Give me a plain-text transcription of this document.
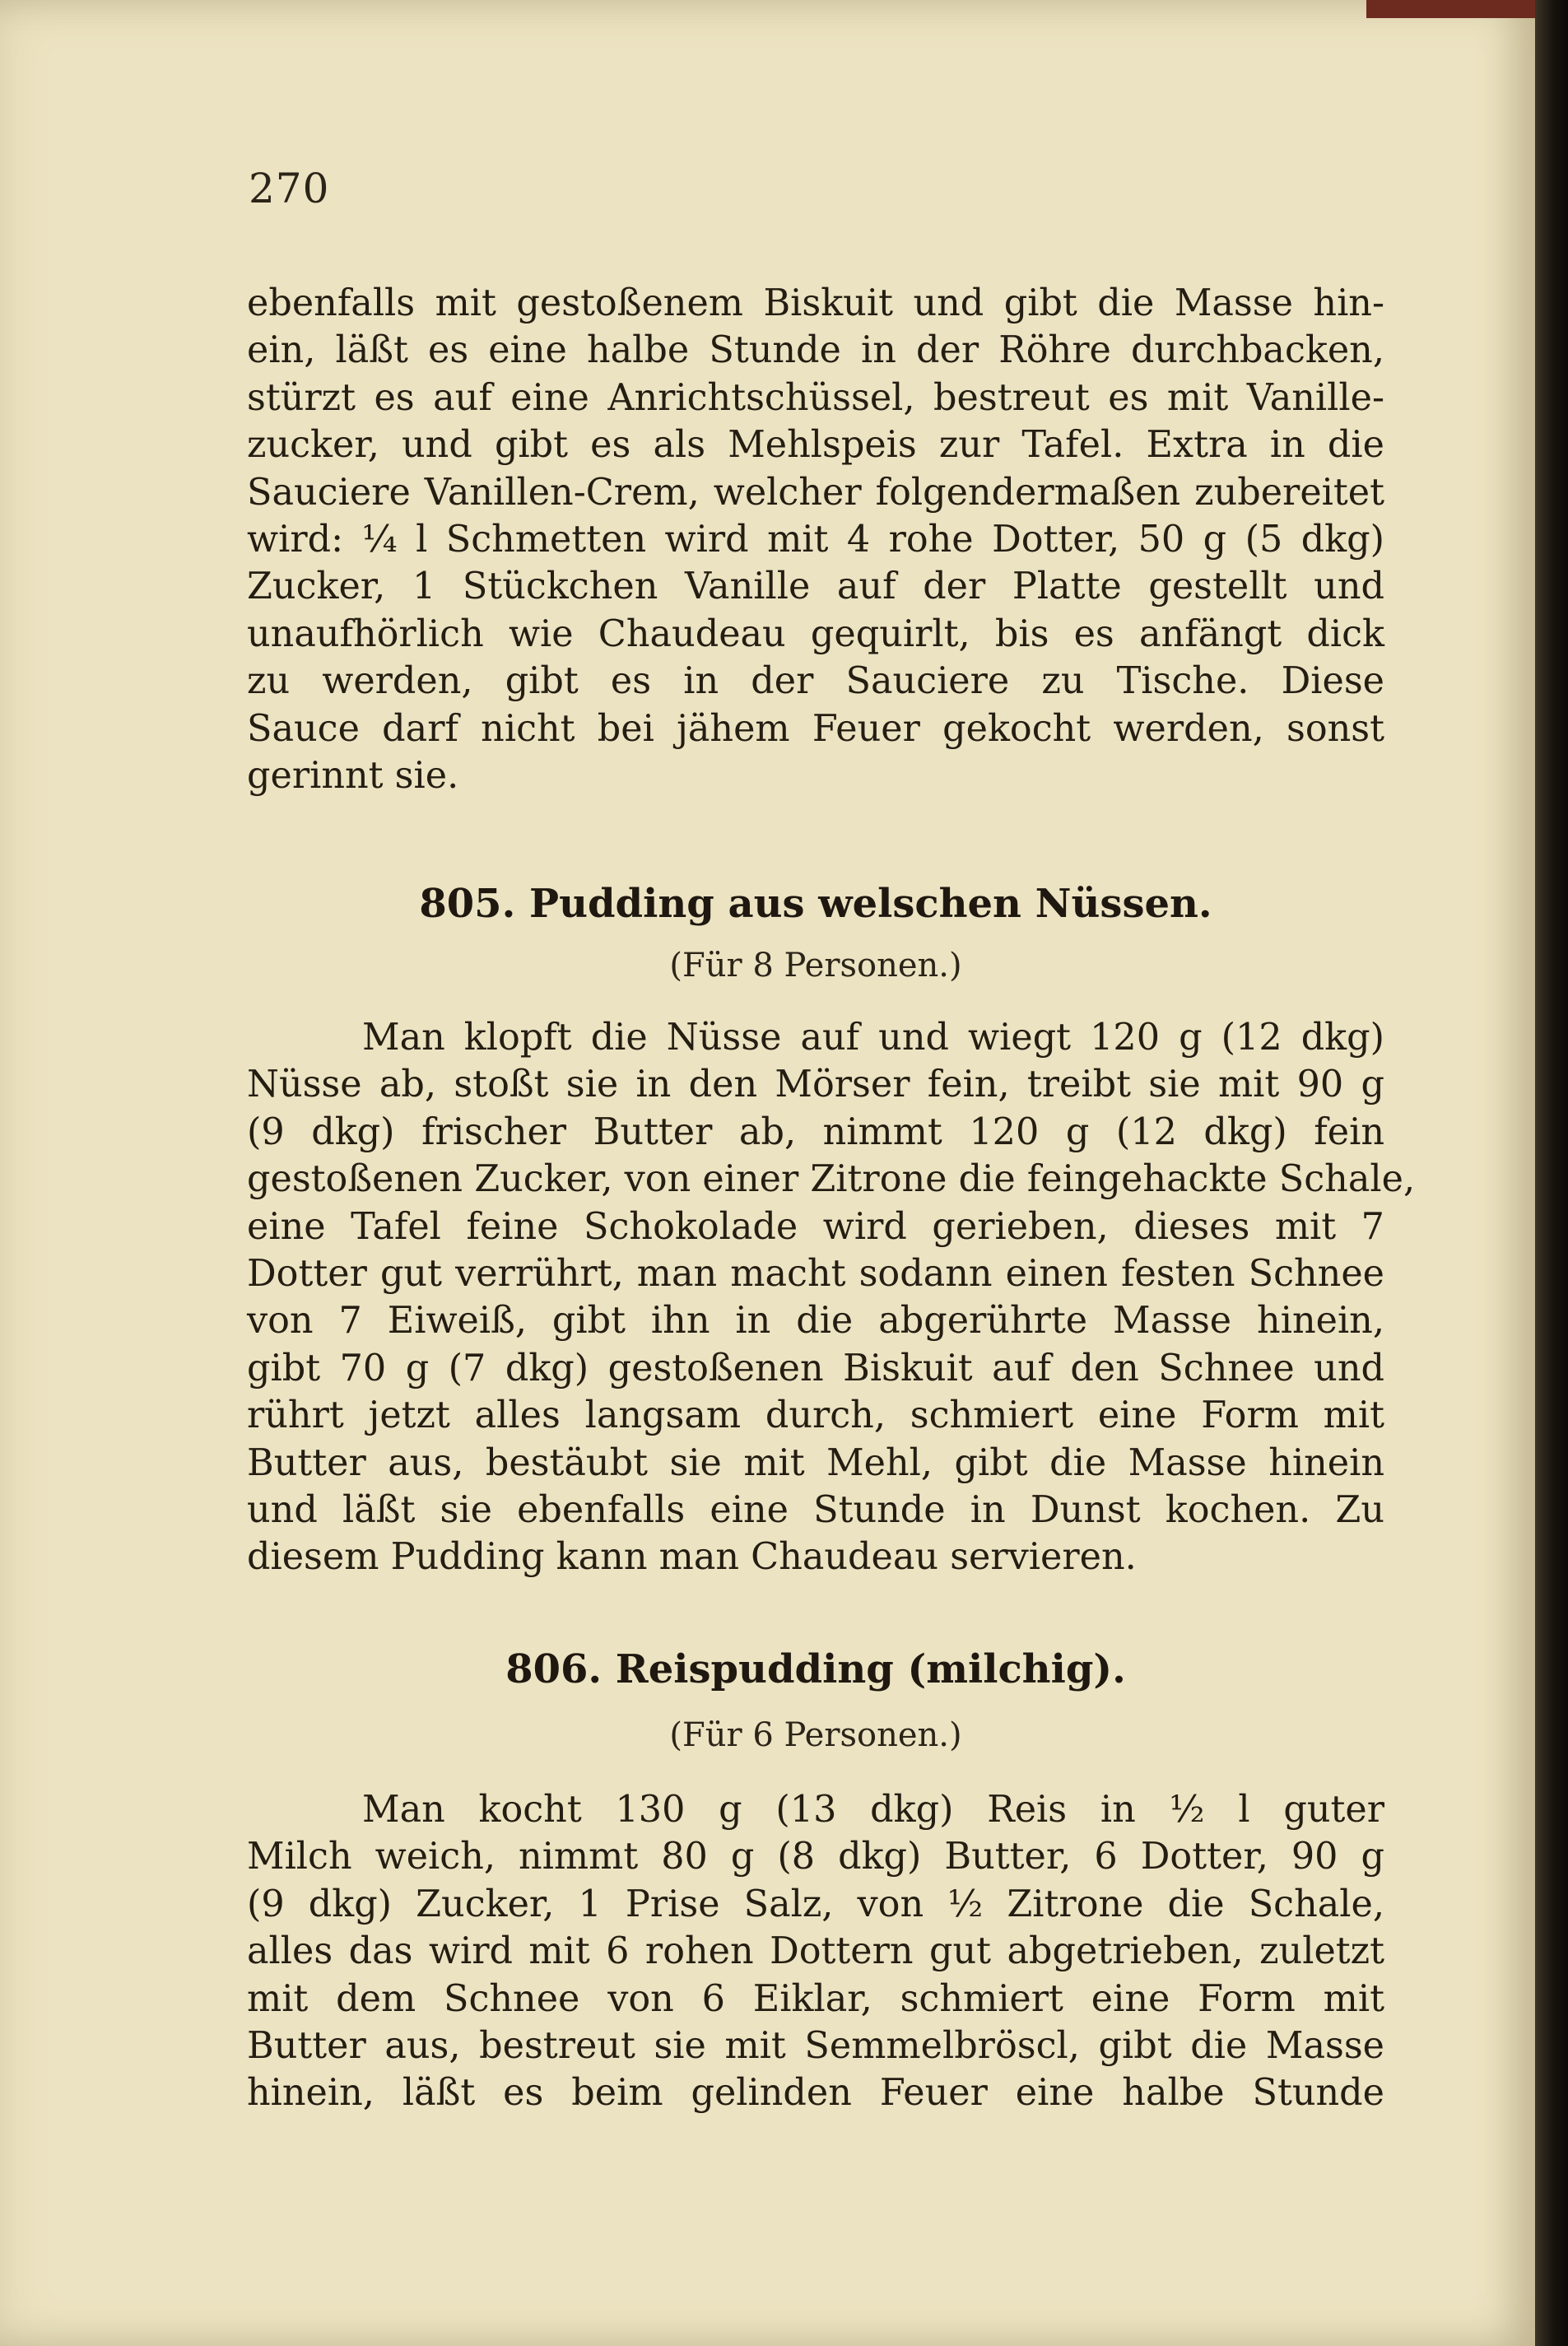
270
ebenfalls mit gestoßenem Biskuit und gibt die Masse hin-
ein, läßt es eine halbe Stunde in der Röhre durchbacken,
stürzt es auf eine Anrichtschüssel, bestreut es mit Vanille-
zucker, und gibt es als Mehlspeis zur Tafel. Extra in die
Sauciere Vanillen-Crem, welcher folgendermaßen zubereitet
wird: ¼ l Schmetten wird mit 4 rohe Dotter, 50 g (5 dkg)
Zucker, 1 Stückchen Vanille auf der Platte gestellt und
unaufhörlich wie Chaudeau gequirlt, bis es anfängt dick
zu werden, gibt es in der Sauciere zu Tische. Diese
Sauce darf nicht bei jähem Feuer gekocht werden, sonst
gerinnt sie.
805. Pudding aus welschen Nüssen.
(Für 8 Personen.)
Man klopft die Nüsse auf und wiegt 120 g (12 dkg)
Nüsse ab, stoßt sie in den Mörser fein, treibt sie mit 90 g
(9 dkg) frischer Butter ab, nimmt 120 g (12 dkg) fein
gestoßenen Zucker, von einer Zitrone die feingehackte Schale,
eine Tafel feine Schokolade wird gerieben, dieses mit 7
Dotter gut verrührt, man macht sodann einen festen Schnee
von 7 Eiweiß, gibt ihn in die abgerührte Masse hinein,
gibt 70 g (7 dkg) gestoßenen Biskuit auf den Schnee und
rührt jetzt alles langsam durch, schmiert eine Form mit
Butter aus, bestäubt sie mit Mehl, gibt die Masse hinein
und läßt sie ebenfalls eine Stunde in Dunst kochen. Zu
diesem Pudding kann man Chaudeau servieren.
806. Reispudding (milchig).
(Für 6 Personen.)
Man kocht 130 g (13 dkg) Reis in ½ l guter
Milch weich, nimmt 80 g (8 dkg) Butter, 6 Dotter, 90 g
(9 dkg) Zucker, 1 Prise Salz, von ½ Zitrone die Schale,
alles das wird mit 6 rohen Dottern gut abgetrieben, zuletzt
mit dem Schnee von 6 Eiklar, schmiert eine Form mit
Butter aus, bestreut sie mit Semmelbröscl, gibt die Masse
hinein, läßt es beim gelinden Feuer eine halbe Stunde
